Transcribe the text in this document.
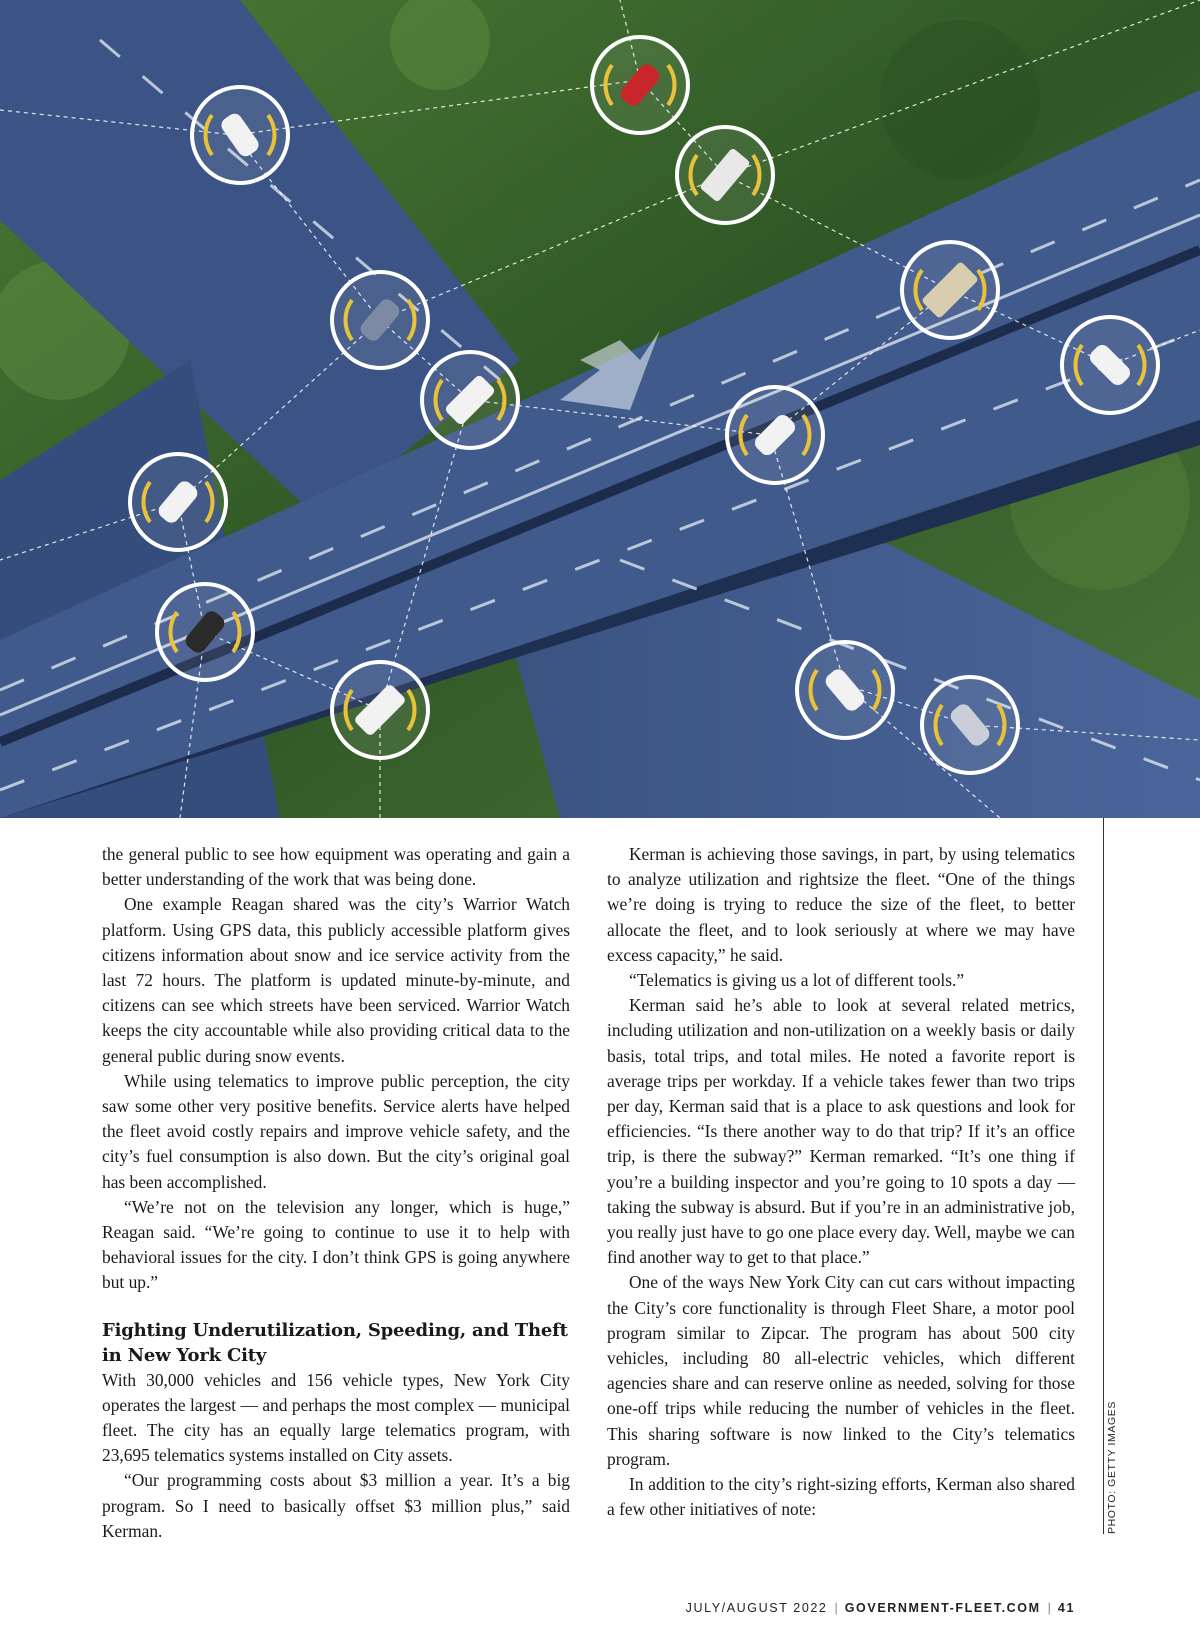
the general public to see how equipment was operating and gain a better understanding of the work that was being done.

One example Reagan shared was the city’s Warrior Watch platform. Using GPS data, this publicly accessible platform gives citizens information about snow and ice service activity from the last 72 hours. The platform is updated minute-by-minute, and citizens can see which streets have been serviced. Warrior Watch keeps the city accountable while also providing critical data to the general public during snow events.

While using telematics to improve public perception, the city saw some other very positive benefits. Service alerts have helped the fleet avoid costly repairs and improve vehicle safety, and the city’s fuel consumption is also down. But the city’s original goal has been accomplished.

“We’re not on the television any longer, which is huge,” Reagan said. “We’re going to continue to use it to help with behavioral issues for the city. I don’t think GPS is going anywhere but up.”

Fighting Underutilization, Speeding, and Theft in New York City

With 30,000 vehicles and 156 vehicle types, New York City operates the largest — and perhaps the most complex — municipal fleet. The city has an equally large telematics program, with 23,695 telematics systems installed on City assets.

“Our programming costs about $3 million a year. It’s a big program. So I need to basically offset $3 million plus,” said Kerman.

Kerman is achieving those savings, in part, by using telematics to analyze utilization and rightsize the fleet. “One of the things we’re doing is trying to reduce the size of the fleet, to better allocate the fleet, and to look seriously at where we may have excess capacity,” he said.

“Telematics is giving us a lot of different tools.”

Kerman said he’s able to look at several related metrics, including utilization and non-utilization on a weekly basis or daily basis, total trips, and total miles. He noted a favorite report is average trips per workday. If a vehicle takes fewer than two trips per day, Kerman said that is a place to ask questions and look for efficiencies. “Is there another way to do that trip? If it’s an office trip, is there the subway?” Kerman remarked. “It’s one thing if you’re a building inspector and you’re going to 10 spots a day — taking the subway is absurd. But if you’re in an administrative job, you really just have to go one place every day. Well, maybe we can find another way to get to that place.”

One of the ways New York City can cut cars without impacting the City’s core functionality is through Fleet Share, a motor pool program similar to Zipcar. The program has about 500 city vehicles, including 80 all-electric vehicles, which different agencies share and can reserve online as needed, solving for those one-off trips while reducing the number of vehicles in the fleet. This sharing software is now linked to the City’s telematics program.

In addition to the city’s right-sizing efforts, Kerman also shared a few other initiatives of note:	PHOTO: GETTY IMAGES
JULY/AUGUST 2022 | GOVERNMENT-FLEET.COM | 41
